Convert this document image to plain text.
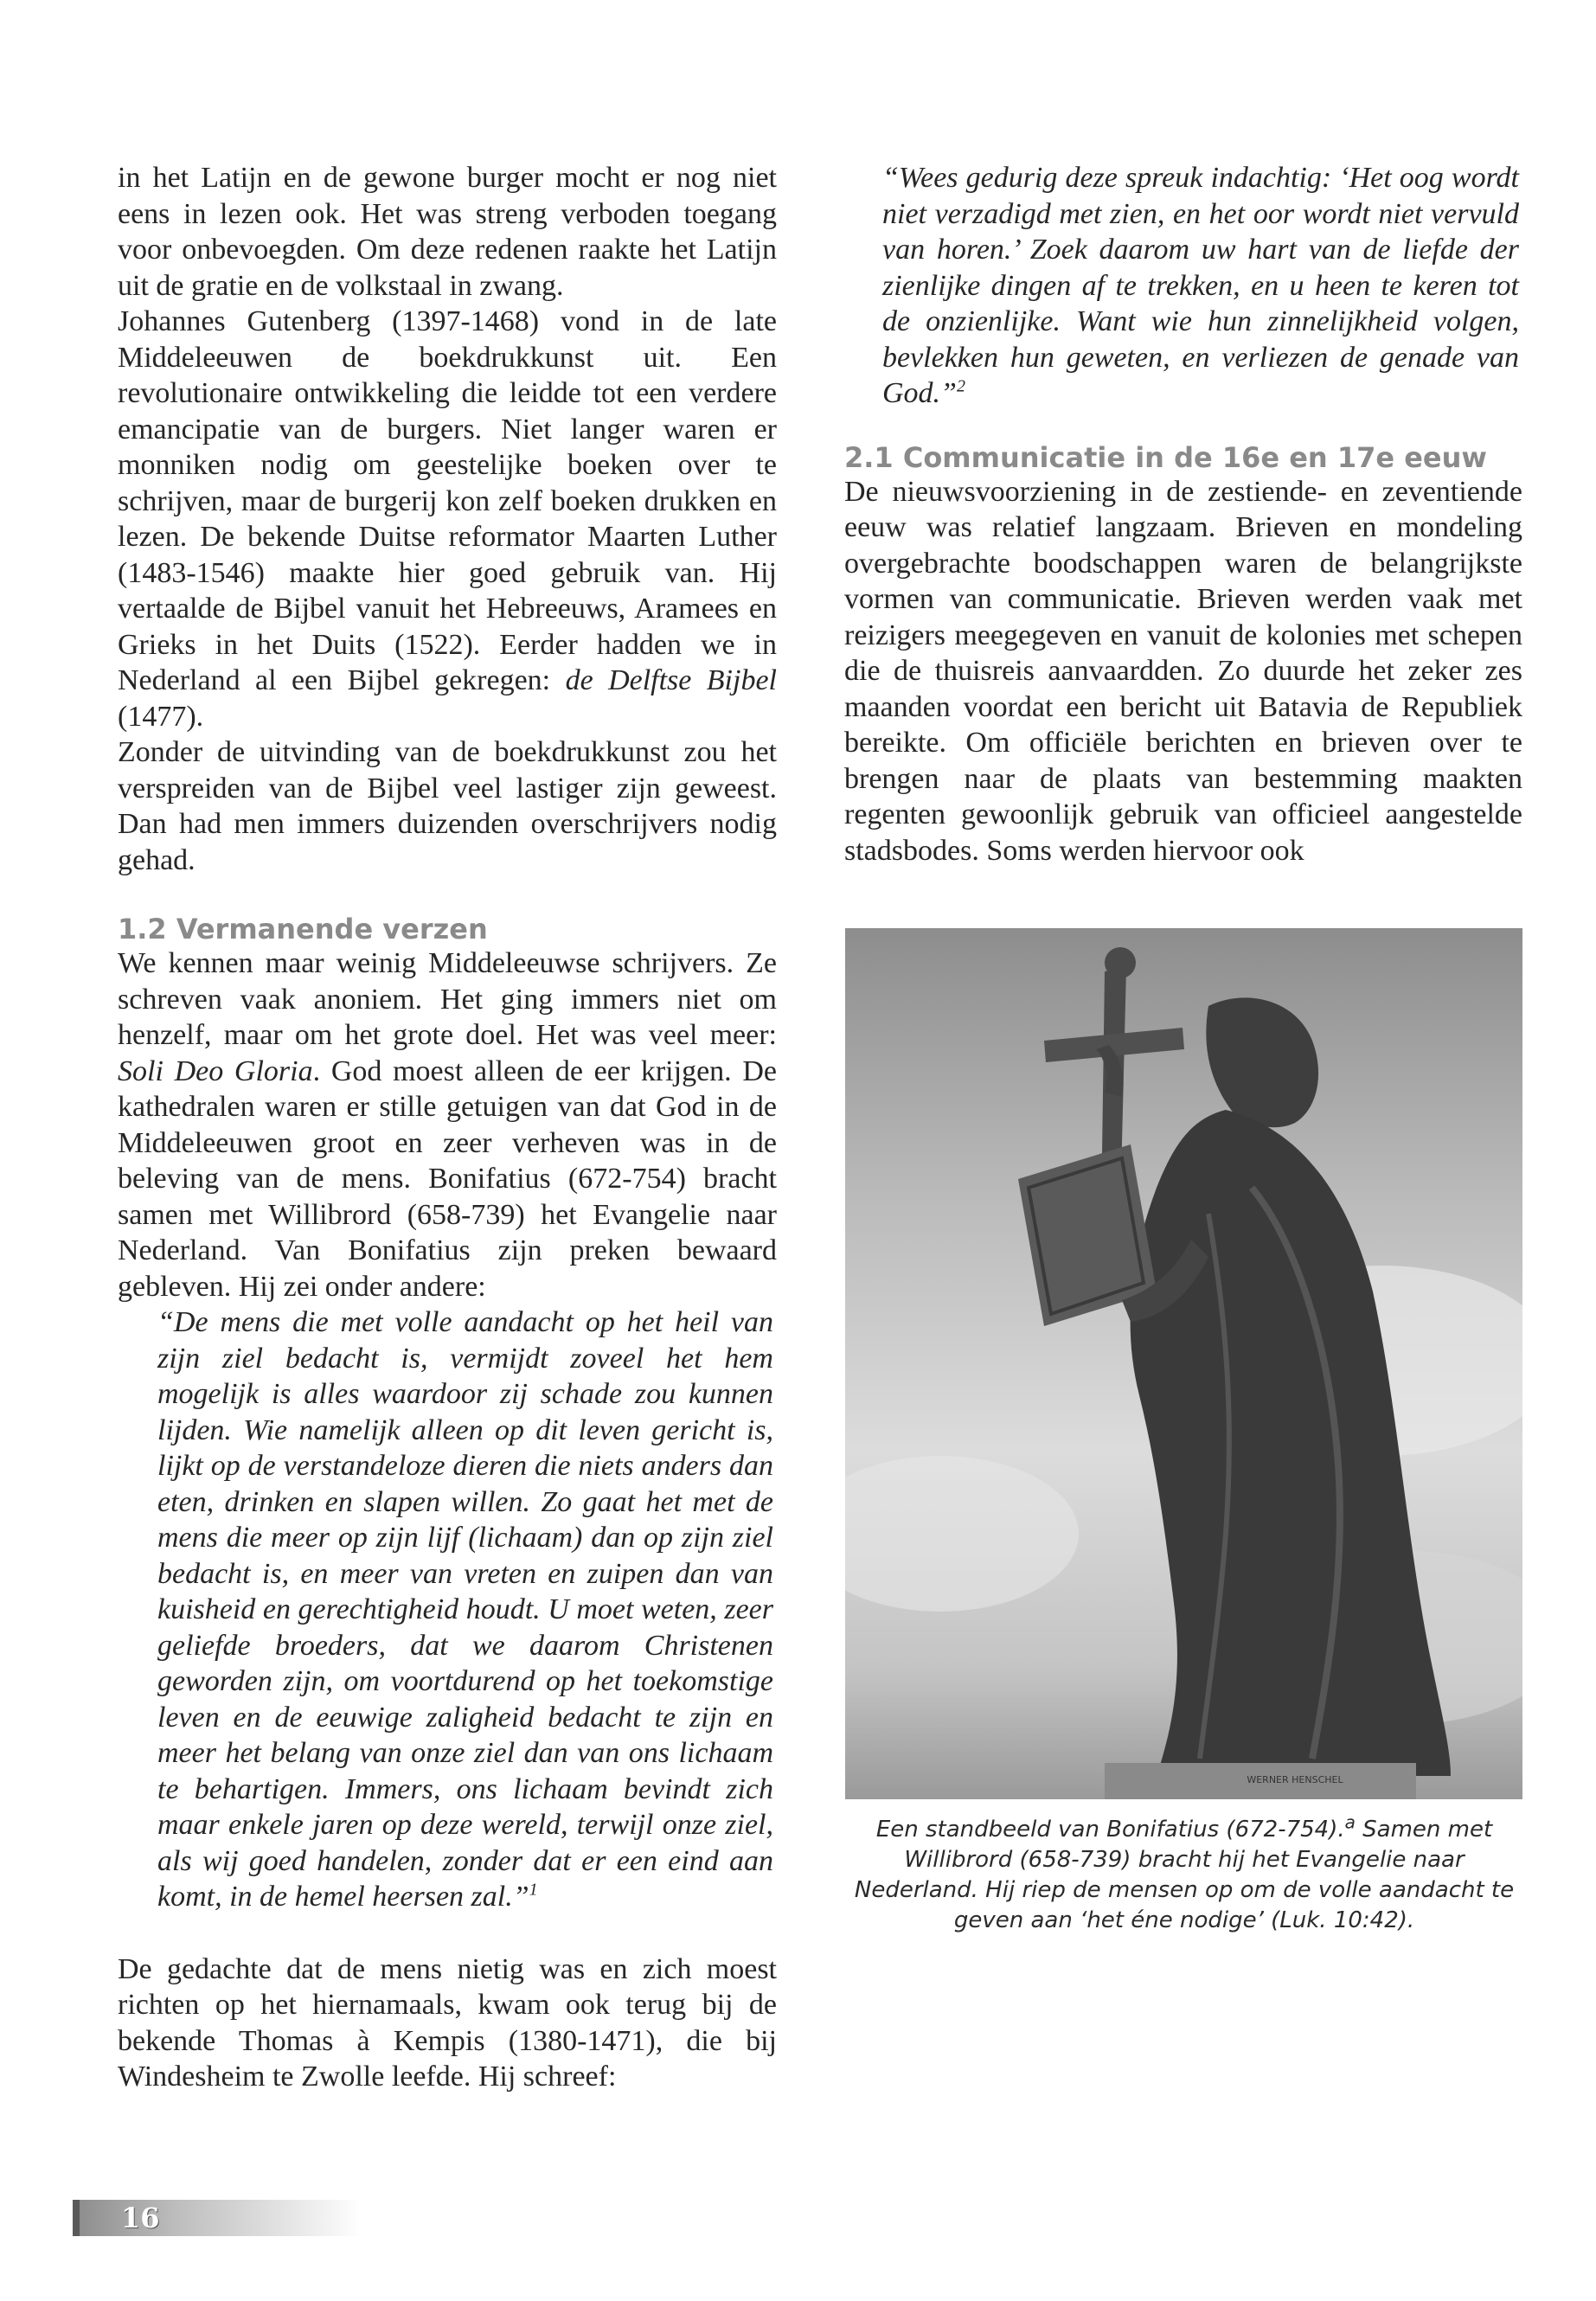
in het Latijn en de gewone burger mocht er nog niet eens in lezen ook. Het was streng verboden toegang voor onbevoegden. Om deze redenen raakte het Latijn uit de gratie en de volkstaal in zwang.

Johannes Gutenberg (1397-1468) vond in de late Middeleeuwen de boekdrukkunst uit. Een revolutionaire ontwikkeling die leidde tot een verdere emancipatie van de burgers. Niet langer waren er monniken nodig om geestelijke boeken over te schrijven, maar de burgerij kon zelf boeken drukken en lezen. De bekende Duitse reformator Maarten Luther (1483-1546) maakte hier goed gebruik van. Hij vertaalde de Bijbel vanuit het Hebreeuws, Aramees en Grieks in het Duits (1522). Eerder hadden we in Nederland al een Bijbel gekregen: de Delftse Bijbel (1477).

Zonder de uitvinding van de boekdrukkunst zou het verspreiden van de Bijbel veel lastiger zijn geweest. Dan had men immers duizenden overschrijvers nodig gehad.

1.2 Vermanende verzen

We kennen maar weinig Middeleeuwse schrijvers. Ze schreven vaak anoniem. Het ging immers niet om henzelf, maar om het grote doel. Het was veel meer: Soli Deo Gloria. God moest alleen de eer krijgen. De kathedralen waren er stille getuigen van dat God in de Middeleeuwen groot en zeer verheven was in de beleving van de mens. Bonifatius (672-754) bracht samen met Willibrord (658-739) het Evangelie naar Nederland. Van Bonifatius zijn preken bewaard gebleven. Hij zei onder andere:

“De mens die met volle aandacht op het heil van zijn ziel bedacht is, vermijdt zoveel het hem mogelijk is alles waardoor zij schade zou kunnen lijden. Wie namelijk alleen op dit leven gericht is, lijkt op de verstandeloze dieren die niets anders dan eten, drinken en slapen willen. Zo gaat het met de mens die meer op zijn lijf (lichaam) dan op zijn ziel bedacht is, en meer van vreten en zuipen dan van kuisheid en gerechtigheid houdt. U moet weten, zeer geliefde broeders, dat we daarom Christenen geworden zijn, om voortdurend op het toekomstige leven en de eeuwige zaligheid bedacht te zijn en meer het belang van onze ziel dan van ons lichaam te behartigen. Immers, ons lichaam bevindt zich maar enkele jaren op deze wereld, terwijl onze ziel, als wij goed handelen, zonder dat er een eind aan komt, in de hemel heersen zal.”$^1$

De gedachte dat de mens nietig was en zich moest richten op het hiernamaals, kwam ook terug bij de bekende Thomas à Kempis (1380-1471), die bij Windesheim te Zwolle leefde. Hij schreef:

“Wees gedurig deze spreuk indachtig: ‘Het oog wordt niet verzadigd met zien, en het oor wordt niet vervuld van horen.’ Zoek daarom uw hart van de liefde der zienlijke dingen af te trekken, en u heen te keren tot de onzienlijke. Want wie hun zinnelijkheid volgen, bevlekken hun geweten, en verliezen de genade van God.”$^2$

2.1 Communicatie in de 16e en 17e eeuw

De nieuwsvoorziening in de zestiende- en zeventiende eeuw was relatief langzaam. Brieven en mondeling overgebrachte boodschappen waren de belangrijkste vormen van communicatie. Brieven werden vaak met reizigers meegegeven en vanuit de kolonies met schepen die de thuisreis aanvaardden. Zo duurde het zeker zes maanden voordat een bericht uit Batavia de Republiek bereikte. Om officiële berichten en brieven over te brengen naar de plaats van bestemming maakten regenten gewoonlijk gebruik van officieel aangestelde stadsbodes. Soms werden hiervoor ook

WERNER HENSCHEL
Een standbeeld van Bonifatius (672-754).$^a$ Samen met Willibrord (658-739) bracht hij het Evangelie naar Nederland. Hij riep de mensen op om de volle aandacht te geven aan ‘het éne nodige’ (Luk. 10:42).
16
